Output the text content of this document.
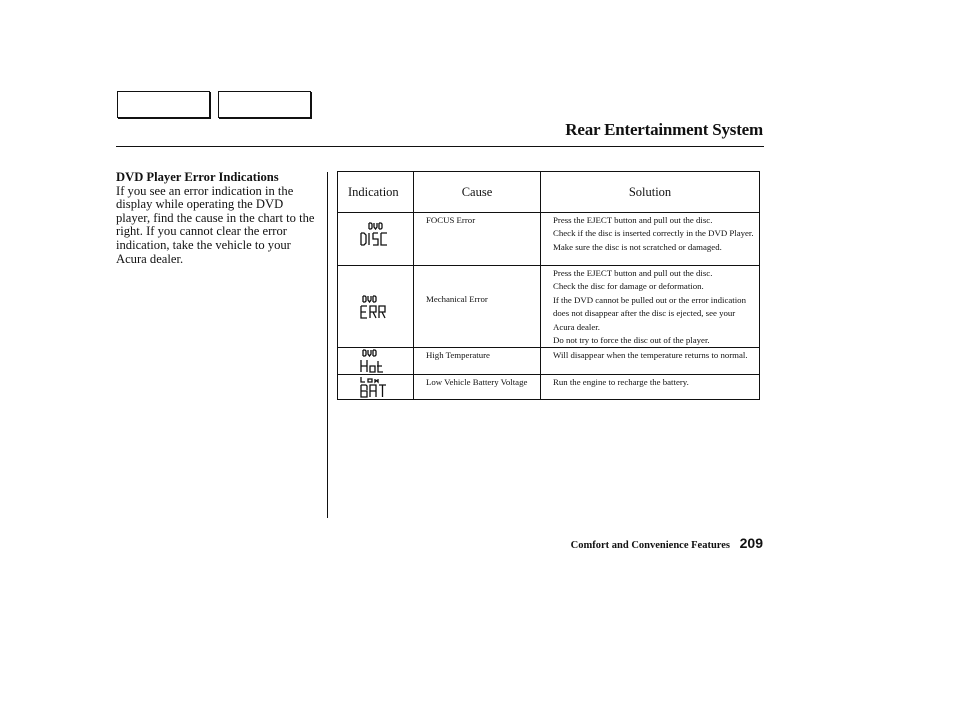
Rear Entertainment System
DVD Player Error Indications

If you see an error indication in the display while operating the DVD player, find the cause in the chart to the right. If you cannot clear the error indication, take the vehicle to your Acura dealer.

Indication	Cause	Solution

	FOCUS Error	Press the EJECT button and pull out the disc.
Check if the disc is inserted correctly in the DVD Player.
Make sure the disc is not scratched or damaged.

	Mechanical Error	Press the EJECT button and pull out the disc.
Check the disc for damage or deformation.
If the DVD cannot be pulled out or the error indication does not disappear after the disc is ejected, see your Acura dealer.
Do not try to force the disc out of the player.

	High Temperature	Will disappear when the temperature returns to normal.

	Low Vehicle Battery Voltage	Run the engine to recharge the battery.
Comfort and Convenience Features 209
